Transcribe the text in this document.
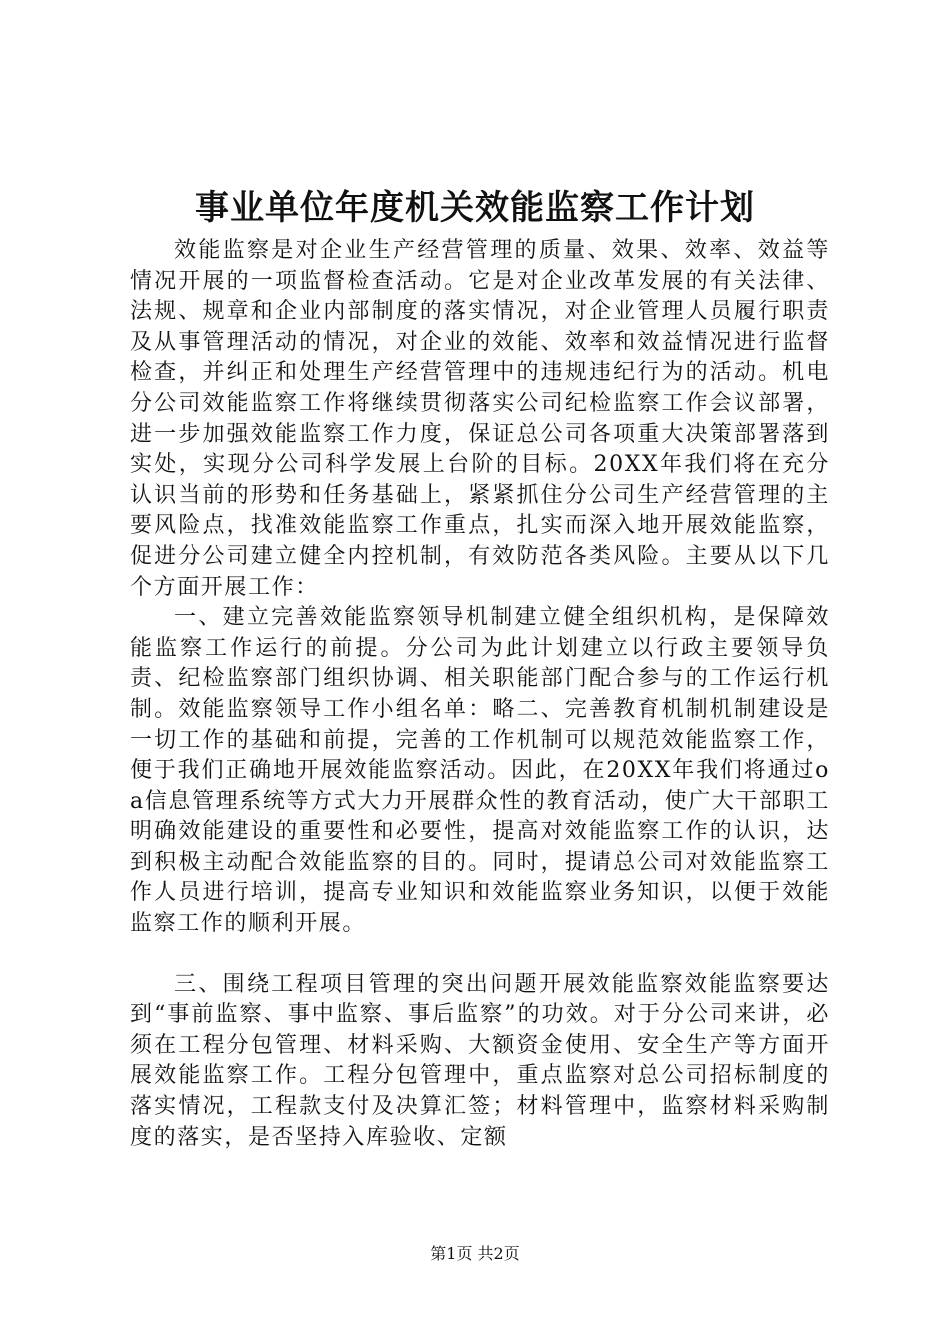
事业单位年度机关效能监察工作计划

效能监察是对企业生产经营管理的质量、效果、效率、效益等情况开展的一项监督检查活动。它是对企业改革发展的有关法律、法规、规章和企业内部制度的落实情况，对企业管理人员履行职责及从事管理活动的情况，对企业的效能、效率和效益情况进行监督检查，并纠正和处理生产经营管理中的违规违纪行为的活动。机电分公司效能监察工作将继续贯彻落实公司纪检监察工作会议部署，进一步加强效能监察工作力度，保证总公司各项重大决策部署落到实处，实现分公司科学发展上台阶的目标。20XX年我们将在充分认识当前的形势和任务基础上，紧紧抓住分公司生产经营管理的主要风险点，找准效能监察工作重点，扎实而深入地开展效能监察，促进分公司建立健全内控机制，有效防范各类风险。主要从以下几个方面开展工作：

一、建立完善效能监察领导机制建立健全组织机构，是保障效能监察工作运行的前提。分公司为此计划建立以行政主要领导负责、纪检监察部门组织协调、相关职能部门配合参与的工作运行机制。效能监察领导工作小组名单：略二、完善教育机制机制建设是一切工作的基础和前提，完善的工作机制可以规范效能监察工作，便于我们正确地开展效能监察活动。因此，在20XX年我们将通过oa信息管理系统等方式大力开展群众性的教育活动，使广大干部职工明确效能建设的重要性和必要性，提高对效能监察工作的认识，达到积极主动配合效能监察的目的。同时，提请总公司对效能监察工作人员进行培训，提高专业知识和效能监察业务知识，以便于效能监察工作的顺利开展。

三、围绕工程项目管理的突出问题开展效能监察效能监察要达到“事前监察、事中监察、事后监察”的功效。对于分公司来讲，必须在工程分包管理、材料采购、大额资金使用、安全生产等方面开展效能监察工作。工程分包管理中，重点监察对总公司招标制度的落实情况，工程款支付及决算汇签；材料管理中，监察材料采购制度的落实，是否坚持入库验收、定额

第1页 共2页
